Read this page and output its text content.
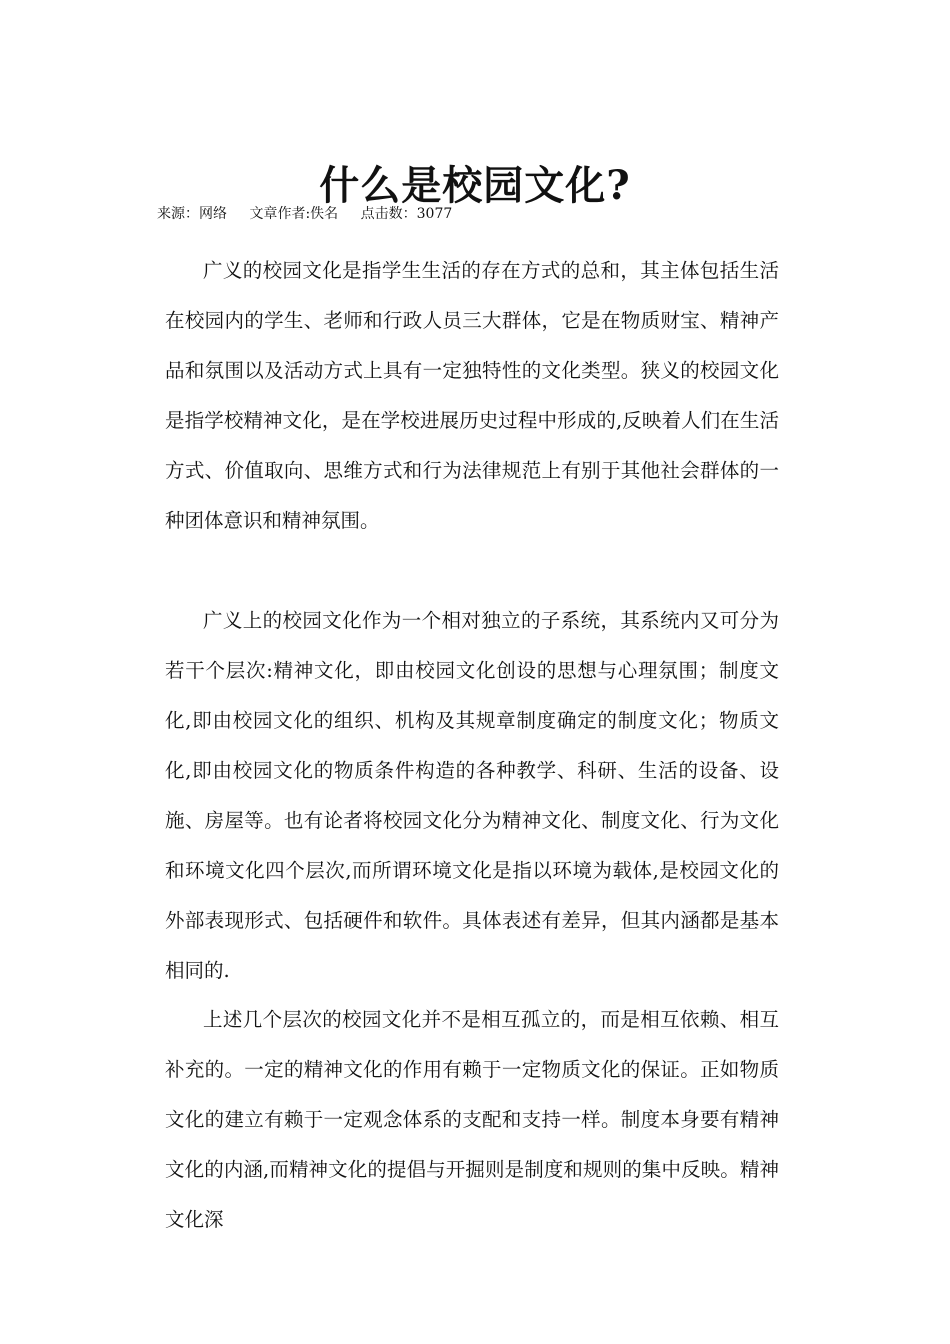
什么是校园文化?
来源：网络 文章作者:佚名 点击数：3077

广义的校园文化是指学生生活的存在方式的总和，其主体包括生活在校园内的学生、老师和行政人员三大群体，它是在物质财宝、精神产品和氛围以及活动方式上具有一定独特性的文化类型。狭义的校园文化是指学校精神文化，是在学校进展历史过程中形成的,反映着人们在生活方式、价值取向、思维方式和行为法律规范上有别于其他社会群体的一种团体意识和精神氛围。

广义上的校园文化作为一个相对独立的子系统，其系统内又可分为若干个层次:精神文化，即由校园文化创设的思想与心理氛围；制度文化,即由校园文化的组织、机构及其规章制度确定的制度文化；物质文化,即由校园文化的物质条件构造的各种教学、科研、生活的设备、设施、房屋等。也有论者将校园文化分为精神文化、制度文化、行为文化和环境文化四个层次,而所谓环境文化是指以环境为载体,是校园文化的外部表现形式、包括硬件和软件。具体表述有差异，但其内涵都是基本相同的.

上述几个层次的校园文化并不是相互孤立的，而是相互依赖、相互补充的。一定的精神文化的作用有赖于一定物质文化的保证。正如物质文化的建立有赖于一定观念体系的支配和支持一样。制度本身要有精神文化的内涵,而精神文化的提倡与开掘则是制度和规则的集中反映。精神文化深
